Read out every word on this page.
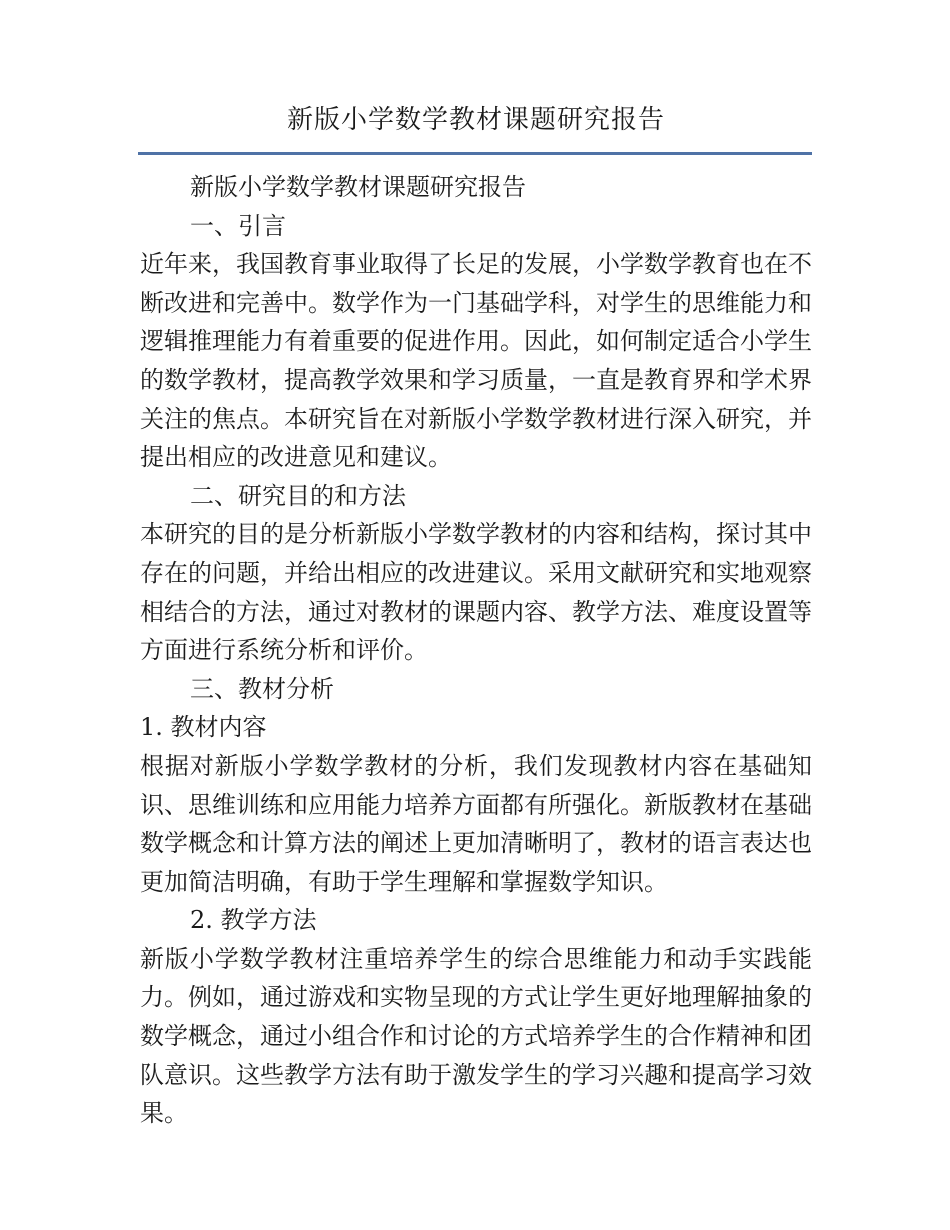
新版小学数学教材课题研究报告

新版小学数学教材课题研究报告

一、引言

近年来，我国教育事业取得了长足的发展，小学数学教育也在不断改进和完善中。数学作为一门基础学科，对学生的思维能力和逻辑推理能力有着重要的促进作用。因此，如何制定适合小学生的数学教材，提高教学效果和学习质量，一直是教育界和学术界关注的焦点。本研究旨在对新版小学数学教材进行深入研究，并提出相应的改进意见和建议。

二、研究目的和方法

本研究的目的是分析新版小学数学教材的内容和结构，探讨其中存在的问题，并给出相应的改进建议。采用文献研究和实地观察相结合的方法，通过对教材的课题内容、教学方法、难度设置等方面进行系统分析和评价。

三、教材分析

1. 教材内容

根据对新版小学数学教材的分析，我们发现教材内容在基础知识、思维训练和应用能力培养方面都有所强化。新版教材在基础数学概念和计算方法的阐述上更加清晰明了，教材的语言表达也更加简洁明确，有助于学生理解和掌握数学知识。

2. 教学方法

新版小学数学教材注重培养学生的综合思维能力和动手实践能力。例如，通过游戏和实物呈现的方式让学生更好地理解抽象的数学概念，通过小组合作和讨论的方式培养学生的合作精神和团队意识。这些教学方法有助于激发学生的学习兴趣和提高学习效果。
